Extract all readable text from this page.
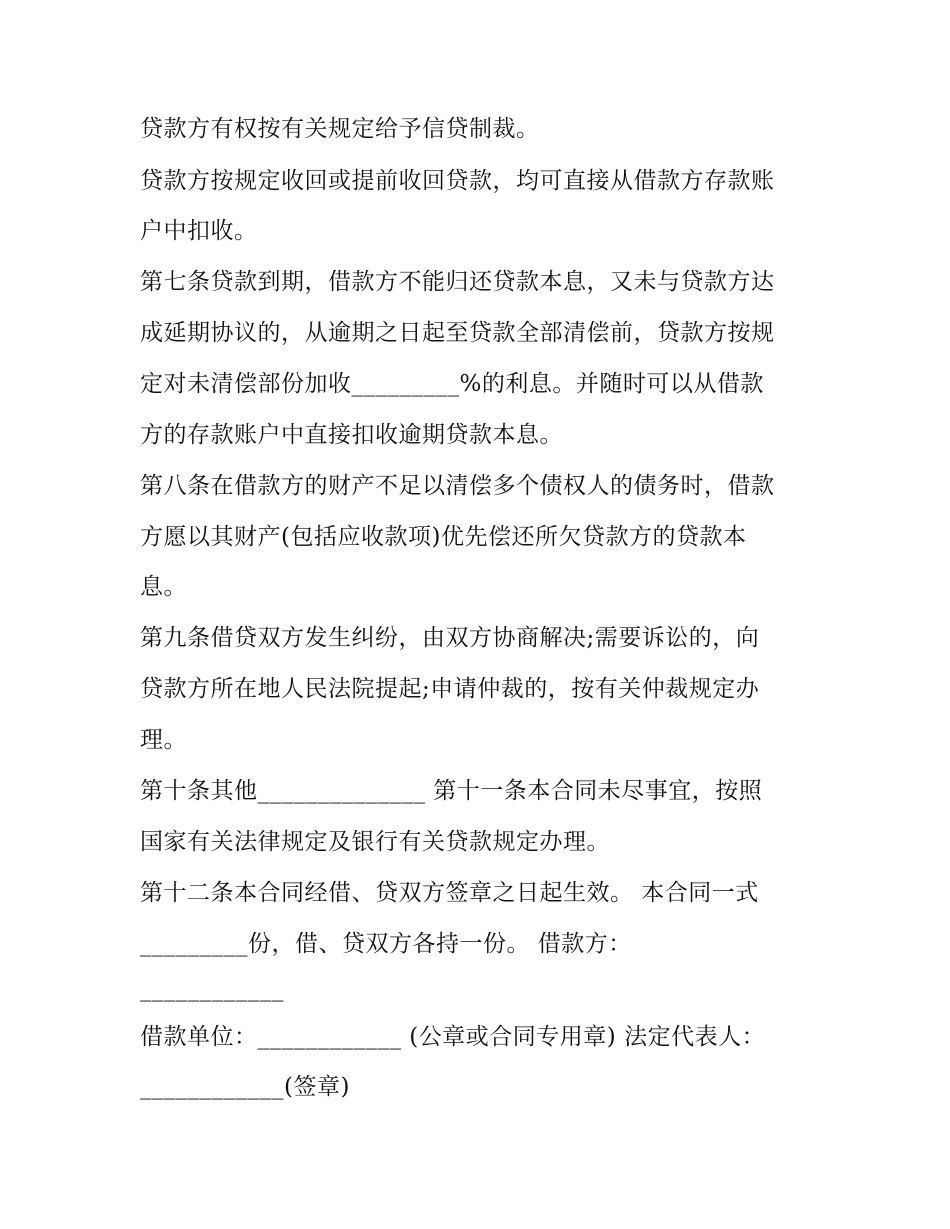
贷款方有权按有关规定给予信贷制裁。
贷款方按规定收回或提前收回贷款，均可直接从借款方存款账
户中扣收。
第七条贷款到期，借款方不能归还贷款本息，又未与贷款方达
成延期协议的，从逾期之日起至贷款全部清偿前，贷款方按规
定对未清偿部份加收_________%的利息。并随时可以从借款
方的存款账户中直接扣收逾期贷款本息。
第八条在借款方的财产不足以清偿多个债权人的债务时，借款
方愿以其财产(包括应收款项)优先偿还所欠贷款方的贷款本
息。
第九条借贷双方发生纠纷，由双方协商解决;需要诉讼的，向
贷款方所在地人民法院提起;申请仲裁的，按有关仲裁规定办
理。
第十条其他______________ 第十一条本合同未尽事宜，按照
国家有关法律规定及银行有关贷款规定办理。
第十二条本合同经借、贷双方签章之日起生效。 本合同一式
_________份，借、贷双方各持一份。 借款方：
____________
借款单位：____________ (公章或合同专用章) 法定代表人：
____________(签章)
